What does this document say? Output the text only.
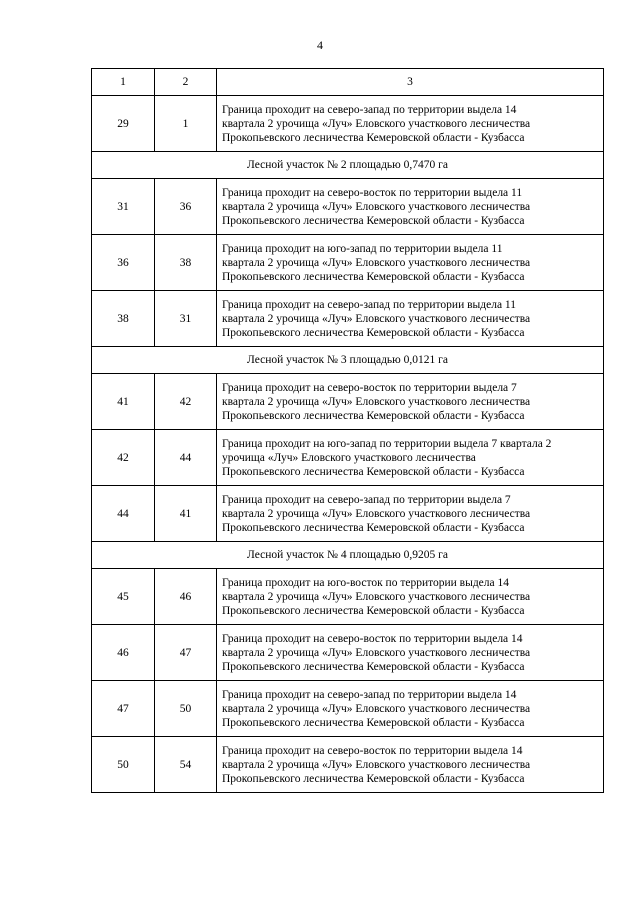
4
1	2	3
29	1	Граница проходит на северо-запад по территории выдела 14
квартала 2 урочища «Луч» Еловского участкового лесничества
Прокопьевского лесничества Кемеровской области - Кузбасса
Лесной участок № 2 площадью 0,7470 га		
31	36	Граница проходит на северо-восток по территории выдела 11
квартала 2 урочища «Луч» Еловского участкового лесничества
Прокопьевского лесничества Кемеровской области - Кузбасса
36	38	Граница проходит на юго-запад по территории выдела 11
квартала 2 урочища «Луч» Еловского участкового лесничества
Прокопьевского лесничества Кемеровской области - Кузбасса
38	31	Граница проходит на северо-запад по территории выдела 11
квартала 2 урочища «Луч» Еловского участкового лесничества
Прокопьевского лесничества Кемеровской области - Кузбасса
Лесной участок № 3 площадью 0,0121 га		
41	42	Граница проходит на северо-восток по территории выдела 7
квартала 2 урочища «Луч» Еловского участкового лесничества
Прокопьевского лесничества Кемеровской области - Кузбасса
42	44	Граница проходит на юго-запад по территории выдела 7 квартала 2
урочища «Луч» Еловского участкового лесничества
Прокопьевского лесничества Кемеровской области - Кузбасса
44	41	Граница проходит на северо-запад по территории выдела 7
квартала 2 урочища «Луч» Еловского участкового лесничества
Прокопьевского лесничества Кемеровской области - Кузбасса
Лесной участок № 4 площадью 0,9205 га		
45	46	Граница проходит на юго-восток по территории выдела 14
квартала 2 урочища «Луч» Еловского участкового лесничества
Прокопьевского лесничества Кемеровской области - Кузбасса
46	47	Граница проходит на северо-восток по территории выдела 14
квартала 2 урочища «Луч» Еловского участкового лесничества
Прокопьевского лесничества Кемеровской области - Кузбасса
47	50	Граница проходит на северо-запад по территории выдела 14
квартала 2 урочища «Луч» Еловского участкового лесничества
Прокопьевского лесничества Кемеровской области - Кузбасса
50	54	Граница проходит на северо-восток по территории выдела 14
квартала 2 урочища «Луч» Еловского участкового лесничества
Прокопьевского лесничества Кемеровской области - Кузбасса
